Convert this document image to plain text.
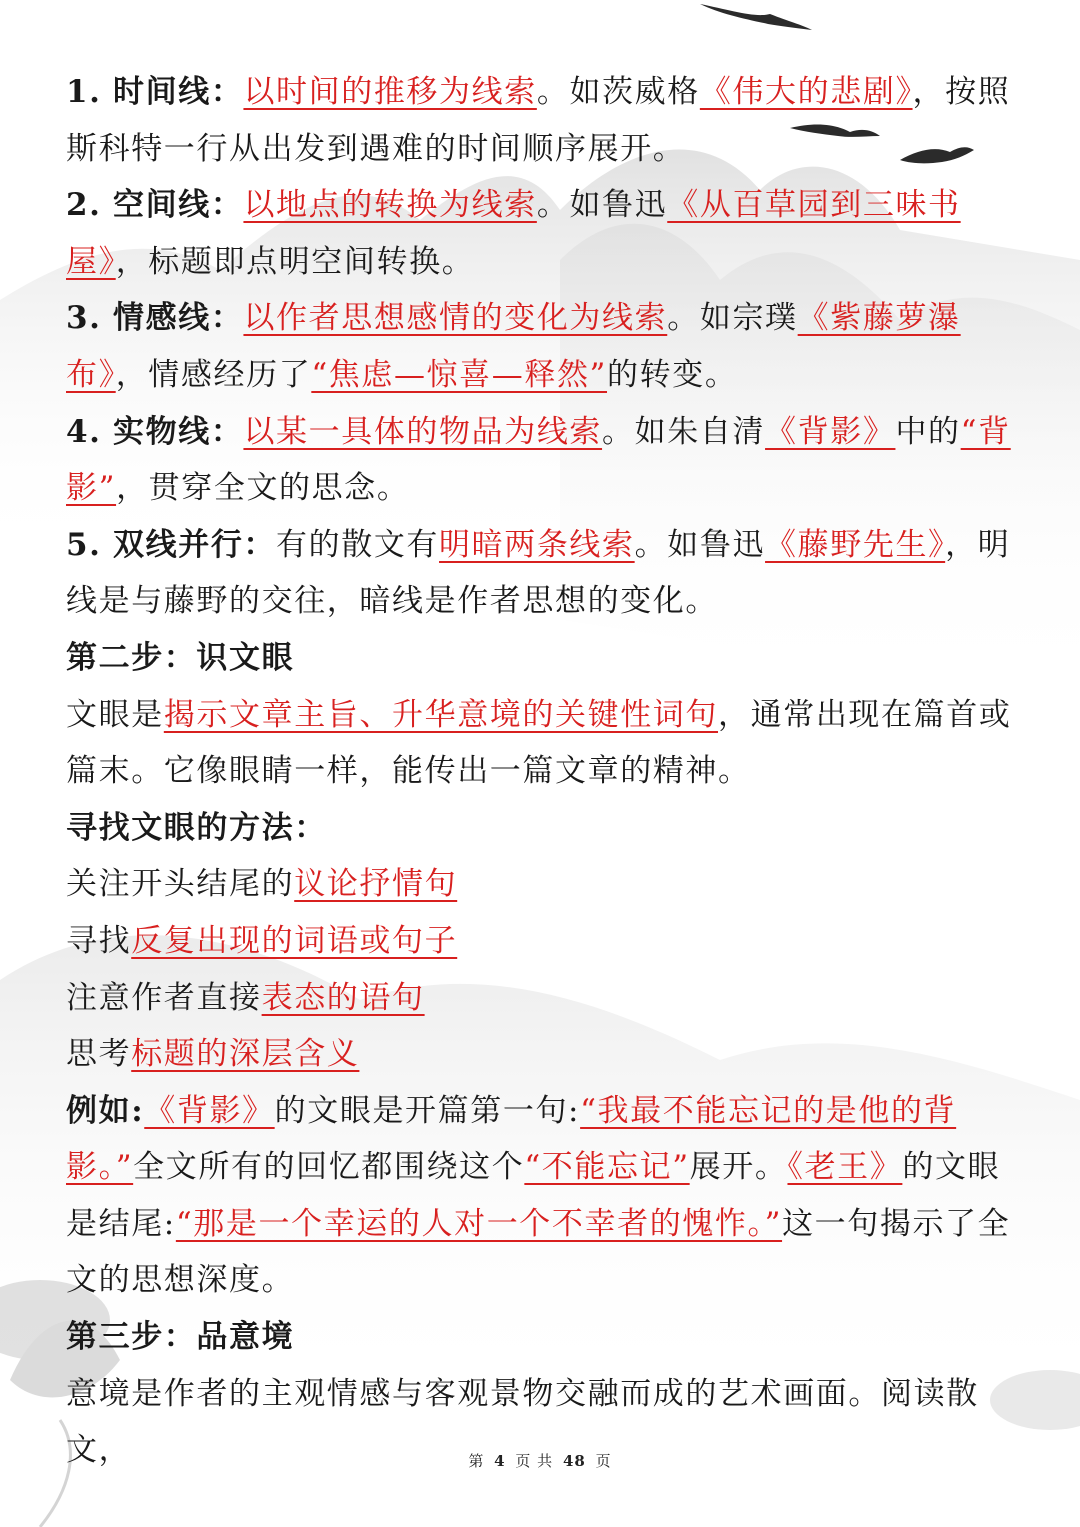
1. 时间线：以时间的推移为线索。如茨威格《伟大的悲剧》，按照斯科特一行从出发到遇难的时间顺序展开。

2. 空间线：以地点的转换为线索。如鲁迅《从百草园到三味书屋》，标题即点明空间转换。

3. 情感线：以作者思想感情的变化为线索。如宗璞《紫藤萝瀑布》，情感经历了“焦虑—惊喜—释然”的转变。

4. 实物线：以某一具体的物品为线索。如朱自清《背影》中的“背影”，贯穿全文的思念。

5. 双线并行：有的散文有明暗两条线索。如鲁迅《藤野先生》，明线是与藤野的交往，暗线是作者思想的变化。

第二步：识文眼

文眼是揭示文章主旨、升华意境的关键性词句，通常出现在篇首或篇末。它像眼睛一样，能传出一篇文章的精神。

寻找文眼的方法：

关注开头结尾的议论抒情句

寻找反复出现的词语或句子

注意作者直接表态的语句

思考标题的深层含义

例如:《背影》的文眼是开篇第一句:“我最不能忘记的是他的背影。”全文所有的回忆都围绕这个“不能忘记”展开。《老王》的文眼是结尾:“那是一个幸运的人对一个不幸者的愧怍。”这一句揭示了全文的思想深度。

第三步：品意境

意境是作者的主观情感与客观景物交融而成的艺术画面。阅读散文，	第 4 页 共 48 页
